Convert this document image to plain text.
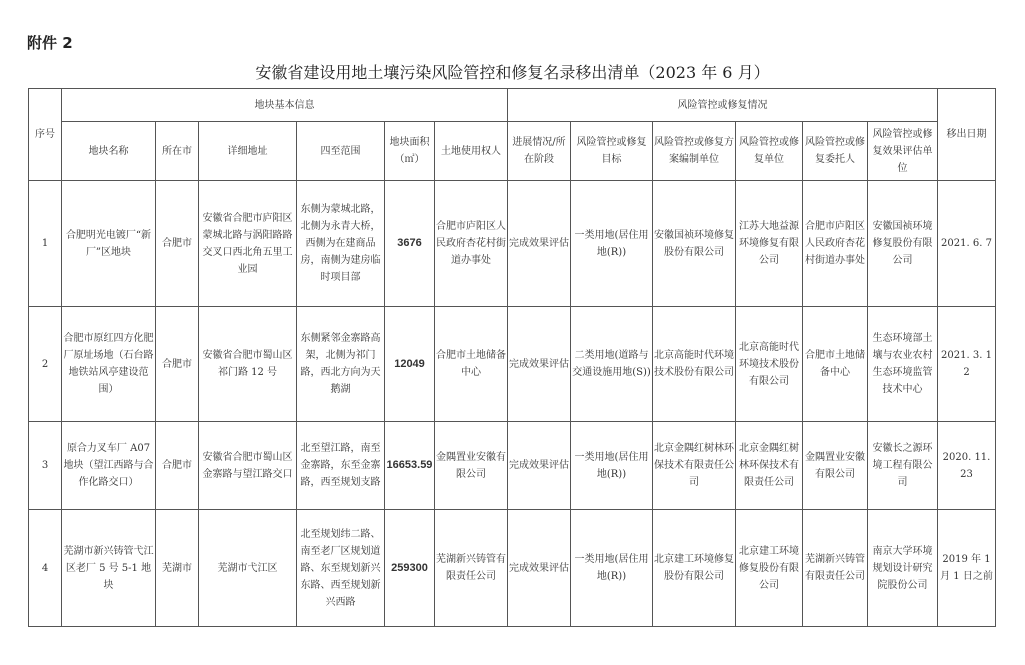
附件 2
安徽省建设用地土壤污染风险管控和修复名录移出清单（2023 年 6 月）
序号	地块基本信息						风险管控或修复情况						移出日期
	地块名称	所在市	详细地址	四至范围	地块面积（㎡）	土地使用权人	进展情况/所在阶段	风险管控或修复目标	风险管控或修复方案编制单位	风险管控或修复单位	风险管控或修复委托人	风险管控或修复效果评估单位	
1	合肥明光电镀厂“新厂”区地块	合肥市	安徽省合肥市庐阳区蒙城北路与涡阳路路交叉口西北角五里工业园	东侧为蒙城北路，北侧为永青大桥，西侧为在建商品房，南侧为建房临时项目部	3676	合肥市庐阳区人民政府杏花村街道办事处	完成效果评估	一类用地(居住用地(R))	安徽国祯环境修复股份有限公司	江苏大地益源环境修复有限公司	合肥市庐阳区人民政府杏花村街道办事处	安徽国祯环境修复股份有限公司	2021. 6. 7
2	合肥市原红四方化肥厂原址场地（石台路地铁站风亭建设范围）	合肥市	安徽省合肥市蜀山区祁门路 12 号	东侧紧邻金寨路高架，北侧为祁门路，西北方向为天鹅湖	12049	合肥市土地储备中心	完成效果评估	二类用地(道路与交通设施用地(S))	北京高能时代环境技术股份有限公司	北京高能时代环境技术股份有限公司	合肥市土地储备中心	生态环境部土壤与农业农村生态环境监管技术中心	2021. 3. 12
3	原合力叉车厂 A07 地块（望江西路与合作化路交口）	合肥市	安徽省合肥市蜀山区金寨路与望江路交口	北至望江路，南至金寨路，东至金寨路，西至规划支路	16653.59	金隅置业安徽有限公司	完成效果评估	一类用地(居住用地(R))	北京金隅红树林环保技术有限责任公司	北京金隅红树林环保技术有限责任公司	金隅置业安徽有限公司	安徽长之源环境工程有限公司	2020. 11. 23
4	芜湖市新兴铸管弋江区老厂 5 号 5-1 地块	芜湖市	芜湖市弋江区	北至规划纬二路、南至老厂区规划道路、东至规划新兴东路、西至规划新兴西路	259300	芜湖新兴铸管有限责任公司	完成效果评估	一类用地(居住用地(R))	北京建工环境修复股份有限公司	北京建工环境修复股份有限公司	芜湖新兴铸管有限责任公司	南京大学环境规划设计研究院股份公司	2019 年 1 月 1 日之前
